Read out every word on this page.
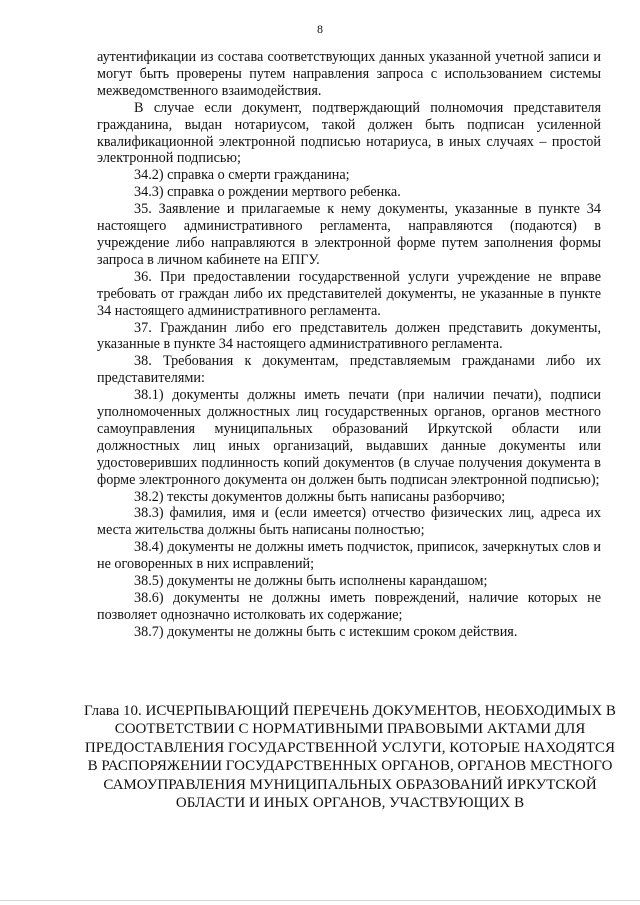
8

аутентификации из состава соответствующих данных указанной учетной записи и могут быть проверены путем направления запроса с использованием системы межведомственного взаимодействия.

В случае если документ, подтверждающий полномочия представителя гражданина, выдан нотариусом, такой должен быть подписан усиленной квалификационной электронной подписью нотариуса, в иных случаях – простой электронной подписью;

34.2) справка о смерти гражданина;

34.3) справка о рождении мертвого ребенка.

35. Заявление и прилагаемые к нему документы, указанные в пункте 34 настоящего административного регламента, направляются (подаются) в учреждение либо направляются в электронной форме путем заполнения формы запроса в личном кабинете на ЕПГУ.

36. При предоставлении государственной услуги учреждение не вправе требовать от граждан либо их представителей документы, не указанные в пункте 34 настоящего административного регламента.

37. Гражданин либо его представитель должен представить документы, указанные в пункте 34 настоящего административного регламента.

38. Требования к документам, представляемым гражданами либо их представителями:

38.1) документы должны иметь печати (при наличии печати), подписи уполномоченных должностных лиц государственных органов, органов местного самоуправления муниципальных образований Иркутской области или должностных лиц иных организаций, выдавших данные документы или удостоверивших подлинность копий документов (в случае получения документа в форме электронного документа он должен быть подписан электронной подписью);

38.2) тексты документов должны быть написаны разборчиво;

38.3) фамилия, имя и (если имеется) отчество физических лиц, адреса их места жительства должны быть написаны полностью;

38.4) документы не должны иметь подчисток, приписок, зачеркнутых слов и не оговоренных в них исправлений;

38.5) документы не должны быть исполнены карандашом;

38.6) документы не должны иметь повреждений, наличие которых не позволяет однозначно истолковать их содержание;

38.7) документы не должны быть с истекшим сроком действия.

Глава 10. ИСЧЕРПЫВАЮЩИЙ ПЕРЕЧЕНЬ ДОКУМЕНТОВ, НЕОБХОДИМЫХ В СООТВЕТСТВИИ С НОРМАТИВНЫМИ ПРАВОВЫМИ АКТАМИ ДЛЯ ПРЕДОСТАВЛЕНИЯ ГОСУДАРСТВЕННОЙ УСЛУГИ, КОТОРЫЕ НАХОДЯТСЯ В РАСПОРЯЖЕНИИ ГОСУДАРСТВЕННЫХ ОРГАНОВ, ОРГАНОВ МЕСТНОГО САМОУПРАВЛЕНИЯ МУНИЦИПАЛЬНЫХ ОБРАЗОВАНИЙ ИРКУТСКОЙ ОБЛАСТИ И ИНЫХ ОРГАНОВ, УЧАСТВУЮЩИХ В
